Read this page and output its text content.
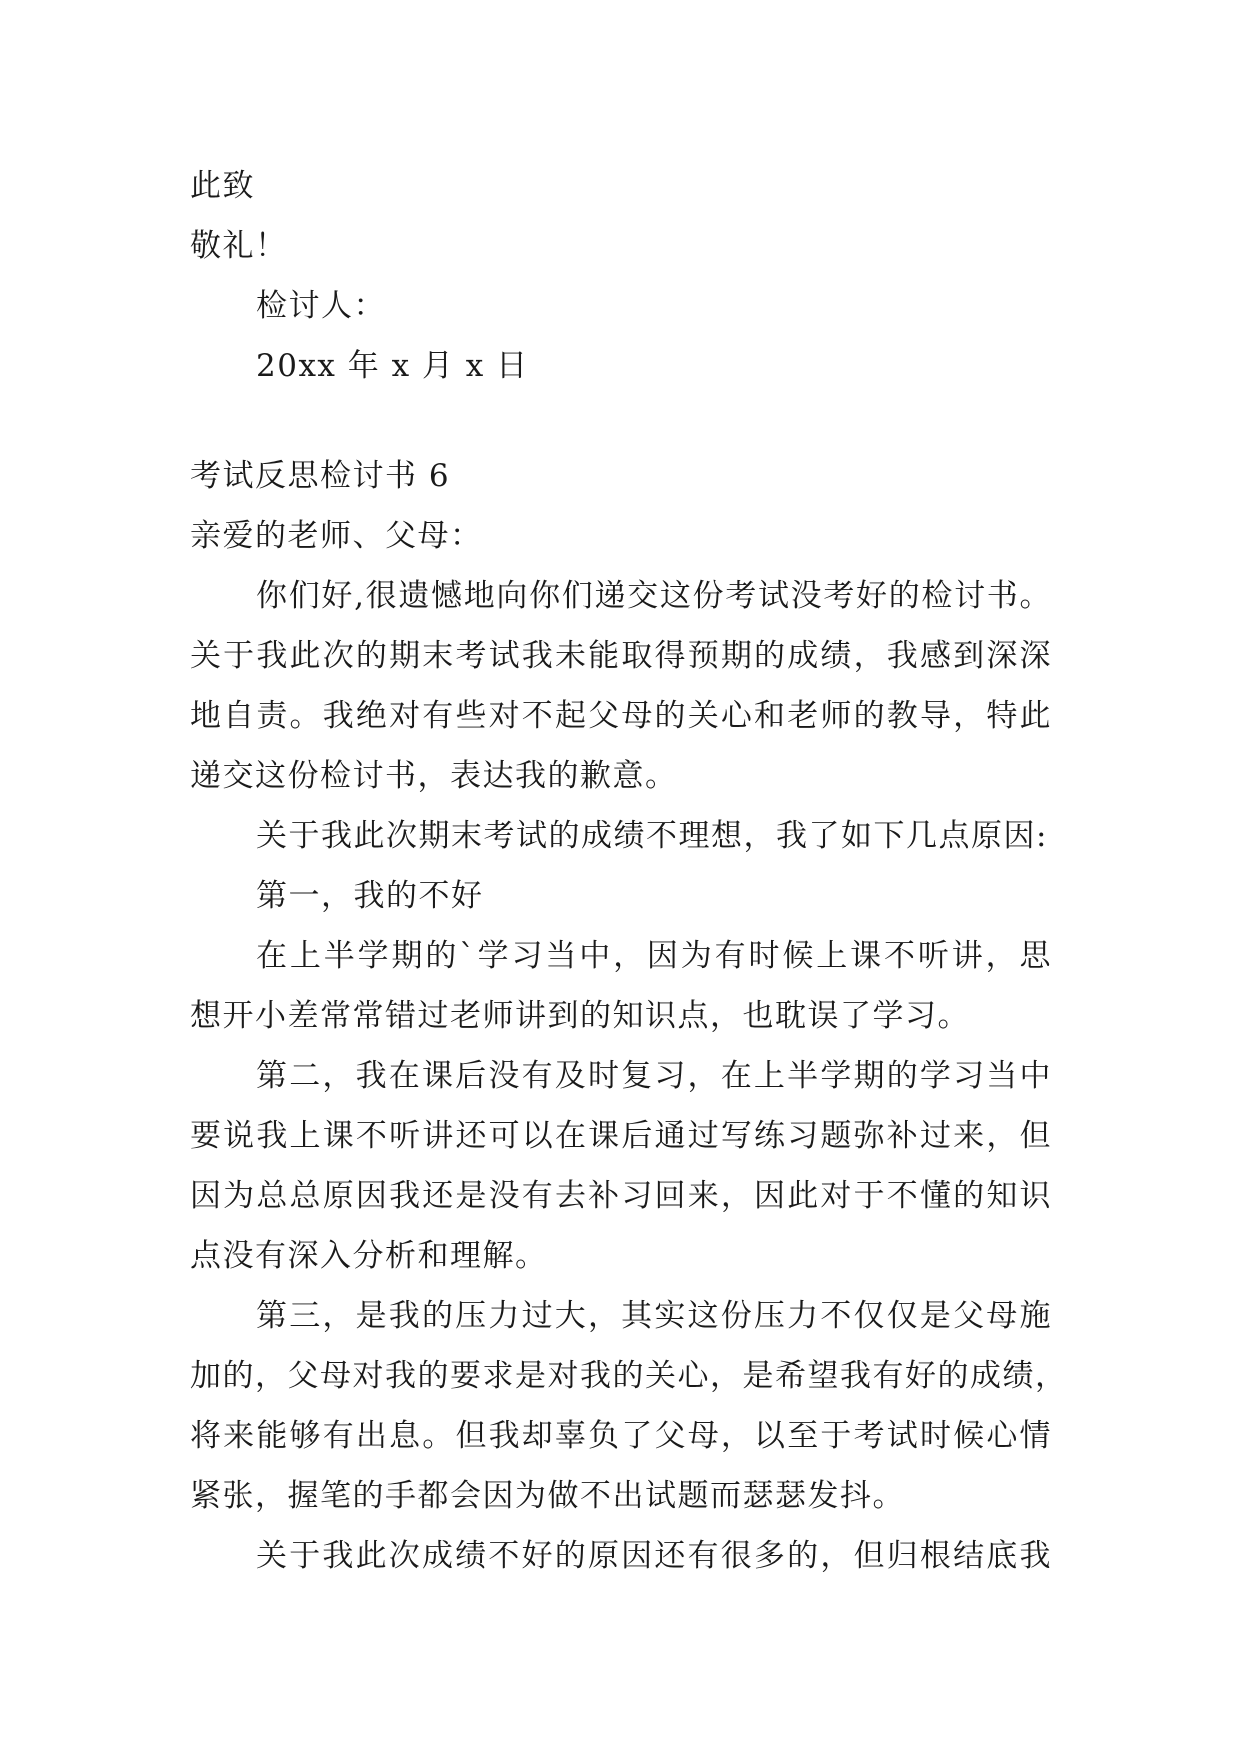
此致
敬礼！
检讨人：
20xx 年 x 月 x 日
考试反思检讨书 6
亲爱的老师、父母：
你们好,很遗憾地向你们递交这份考试没考好的检讨书。
关于我此次的期末考试我未能取得预期的成绩，我感到深深
地自责。我绝对有些对不起父母的关心和老师的教导，特此
递交这份检讨书，表达我的歉意。
关于我此次期末考试的成绩不理想，我了如下几点原因:
第一，我的不好
在上半学期的`学习当中，因为有时候上课不听讲，思
想开小差常常错过老师讲到的知识点，也耽误了学习。
第二，我在课后没有及时复习，在上半学期的学习当中
要说我上课不听讲还可以在课后通过写练习题弥补过来，但
因为总总原因我还是没有去补习回来，因此对于不懂的知识
点没有深入分析和理解。
第三，是我的压力过大，其实这份压力不仅仅是父母施
加的，父母对我的要求是对我的关心，是希望我有好的成绩，
将来能够有出息。但我却辜负了父母，以至于考试时候心情
紧张，握笔的手都会因为做不出试题而瑟瑟发抖。
关于我此次成绩不好的原因还有很多的，但归根结底我
